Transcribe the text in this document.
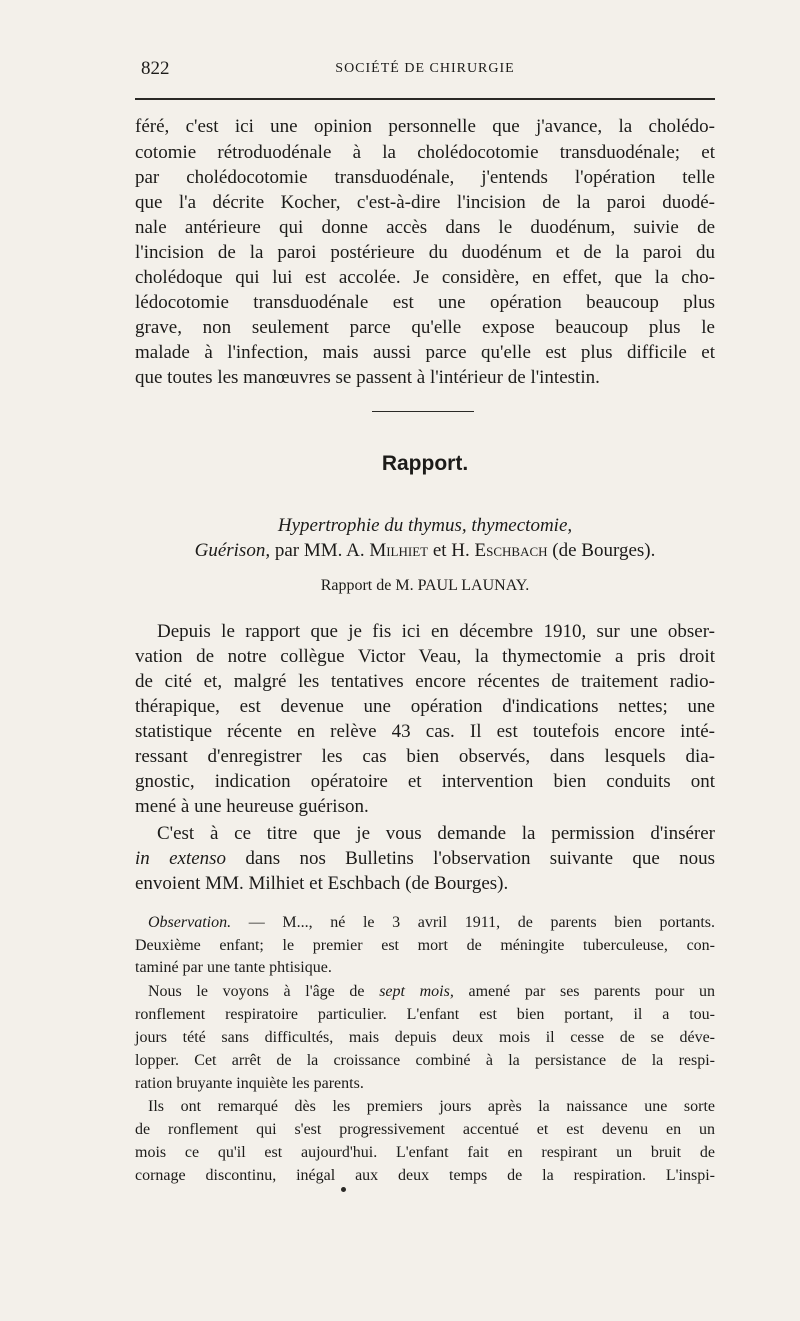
822	SOCIÉTÉ DE CHIRURGIE
féré, c'est ici une opinion personnelle que j'avance, la cholédo-
cotomie rétroduodénale à la cholédocotomie transduodénale; et
par cholédocotomie transduodénale, j'entends l'opération telle
que l'a décrite Kocher, c'est-à-dire l'incision de la paroi duodé-
nale antérieure qui donne accès dans le duodénum, suivie de
l'incision de la paroi postérieure du duodénum et de la paroi du
cholédoque qui lui est accolée. Je considère, en effet, que la cho-
lédocotomie transduodénale est une opération beaucoup plus
grave, non seulement parce qu'elle expose beaucoup plus le
malade à l'infection, mais aussi parce qu'elle est plus difficile et
que toutes les manœuvres se passent à l'intérieur de l'intestin.
Rapport.
Hypertrophie du thymus, thymectomie,
Guérison, par MM. A. Milhiet et H. Eschbach (de Bourges).
Rapport de M. PAUL LAUNAY.
Depuis le rapport que je fis ici en décembre 1910, sur une obser-
vation de notre collègue Victor Veau, la thymectomie a pris droit
de cité et, malgré les tentatives encore récentes de traitement radio-
thérapique, est devenue une opération d'indications nettes; une
statistique récente en relève 43 cas. Il est toutefois encore inté-
ressant d'enregistrer les cas bien observés, dans lesquels dia-
gnostic, indication opératoire et intervention bien conduits ont
mené à une heureuse guérison.
C'est à ce titre que je vous demande la permission d'insérer
in extenso dans nos Bulletins l'observation suivante que nous
envoient MM. Milhiet et Eschbach (de Bourges).
Observation. — M..., né le 3 avril 1911, de parents bien portants.
Deuxième enfant; le premier est mort de méningite tuberculeuse, con-
taminé par une tante phtisique.
Nous le voyons à l'âge de sept mois, amené par ses parents pour un
ronflement respiratoire particulier. L'enfant est bien portant, il a tou-
jours tété sans difficultés, mais depuis deux mois il cesse de se déve-
lopper. Cet arrêt de la croissance combiné à la persistance de la respi-
ration bruyante inquiète les parents.
Ils ont remarqué dès les premiers jours après la naissance une sorte
de ronflement qui s'est progressivement accentué et est devenu en un
mois ce qu'il est aujourd'hui. L'enfant fait en respirant un bruit de
cornage discontinu, inégal aux deux temps de la respiration. L'inspi-
